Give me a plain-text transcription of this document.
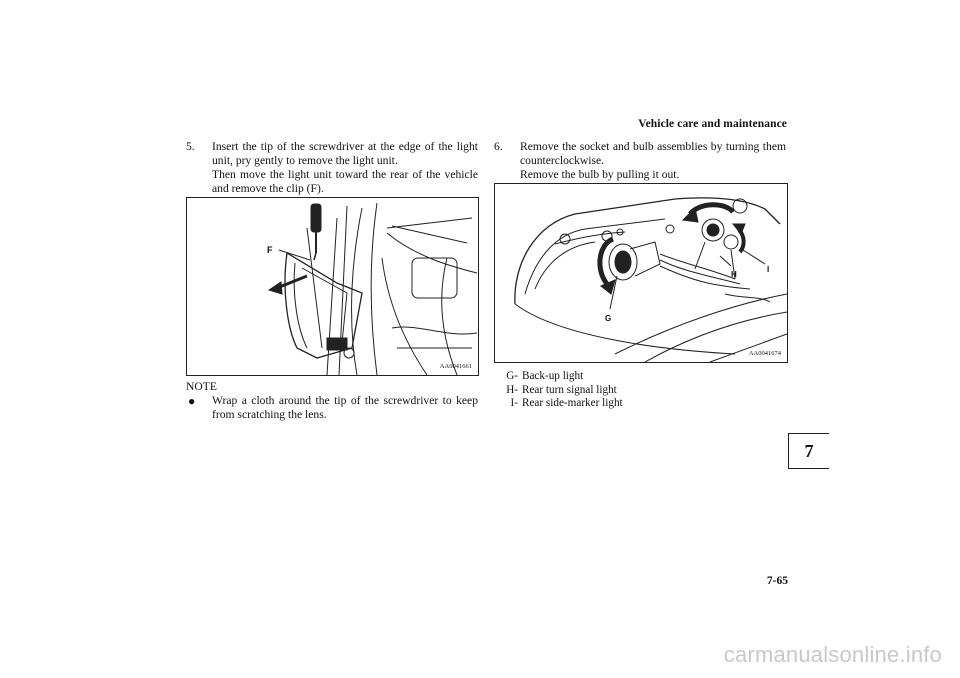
Vehicle care and maintenance
5.	Insert the tip of the screwdriver at the edge of the light unit, pry gently to remove the light unit.

Then move the light unit toward the rear of the vehicle and remove the clip (F).

F
AA0041661

NOTE

●	Wrap a cloth around the tip of the screwdriver to keep from scratching the lens.
6.	Remove the socket and bulb assemblies by turning them counterclockwise.

Remove the bulb by pulling it out.

G
H
I
AA0041674
G- Back-up light
H- Rear turn signal light
I- Rear side-marker light
7
7-65
carmanualsonline.info
